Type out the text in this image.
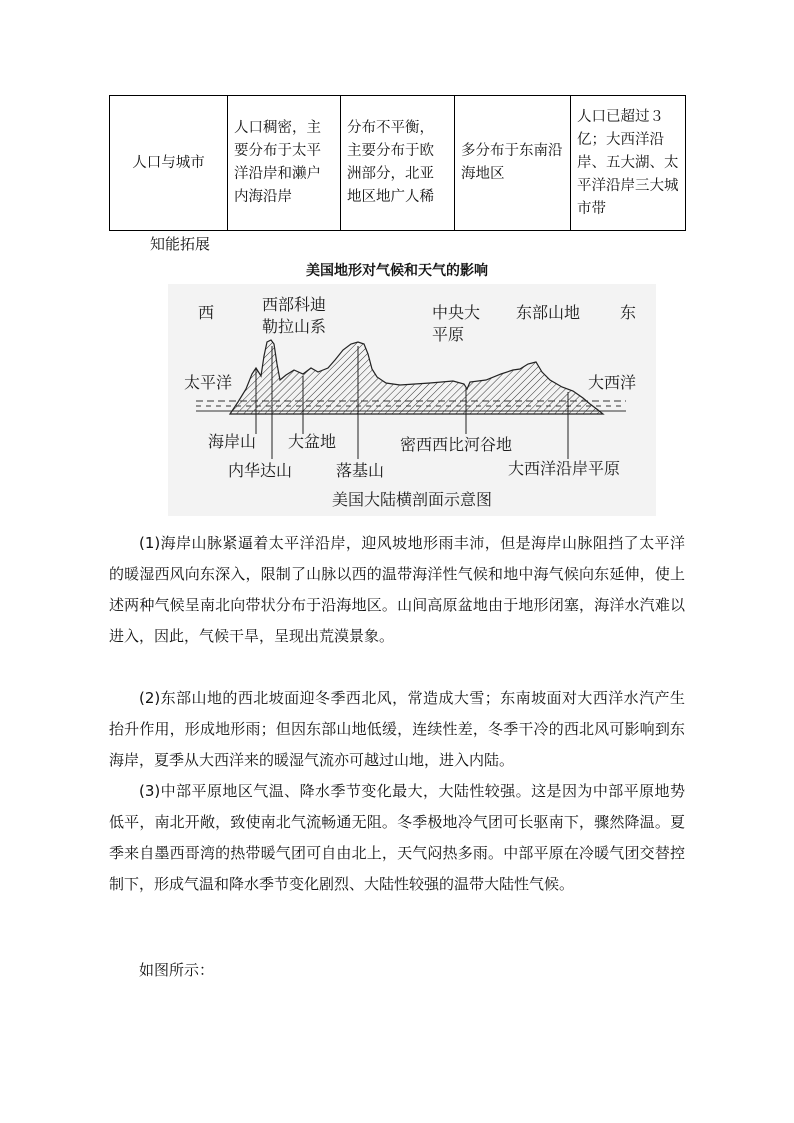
人口与城市	人口稠密，主要分布于太平洋沿岸和濑户内海沿岸	分布不平衡，主要分布于欧洲部分，北亚地区地广人稀	多分布于东南沿海地区	人口已超过３亿；大西洋沿岸、五大湖、太平洋沿岸三大城市带
知能拓展
美国地形对气候和天气的影响
西	东
西部科迪
勒拉山系
中央大
平原
东部山地
太平洋	大西洋
海岸山 大盆地	密西西比河谷地
内华达山	落基山	大西洋沿岸平原
美国大陆横剖面示意图

(1)海岸山脉紧逼着太平洋沿岸，迎风坡地形雨丰沛，但是海岸山脉阻挡了太平洋的暖湿西风向东深入，限制了山脉以西的温带海洋性气候和地中海气候向东延伸，使上述两种气候呈南北向带状分布于沿海地区。山间高原盆地由于地形闭塞，海洋水汽难以进入，因此，气候干旱，呈现出荒漠景象。

(2)东部山地的西北坡面迎冬季西北风，常造成大雪；东南坡面对大西洋水汽产生抬升作用，形成地形雨；但因东部山地低缓，连续性差，冬季干冷的西北风可影响到东海岸，夏季从大西洋来的暖湿气流亦可越过山地，进入内陆。

(3)中部平原地区气温、降水季节变化最大，大陆性较强。这是因为中部平原地势低平，南北开敞，致使南北气流畅通无阻。冬季极地冷气团可长驱南下，骤然降温。夏季来自墨西哥湾的热带暖气团可自由北上，天气闷热多雨。中部平原在冷暖气团交替控制下，形成气温和降水季节变化剧烈、大陆性较强的温带大陆性气候。

如图所示：
